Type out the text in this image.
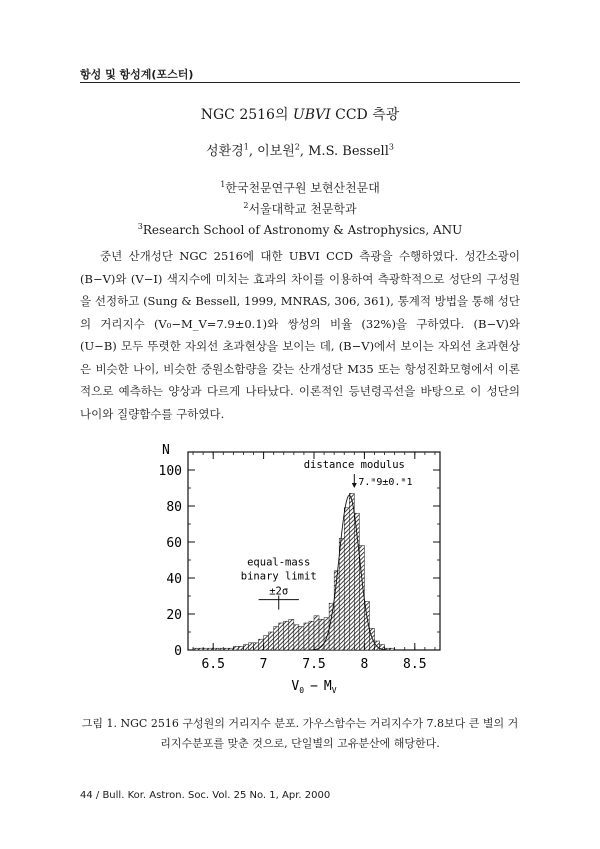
항성 및 항성계(포스터)
NGC 2516의 UBVI CCD 측광
성환경$^1$, 이보원$^2$, M.S. Bessell$^3$
$^1$한국천문연구원 보현산천문대
$^2$서울대학교 천문학과
$^3$Research School of Astronomy & Astrophysics, ANU

중년 산개성단 NGC 2516에 대한 UBVI CCD 측광을 수행하였다. 성간소광이 (B−V)와 (V−I) 색지수에 미치는 효과의 차이를 이용하여 측광학적으로 성단의 구성원을 선정하고 (Sung & Bessell, 1999, MNRAS, 306, 361), 통계적 방법을 통해 성단의 거리지수 (V₀−M_V=7.9±0.1)와 쌍성의 비율 (32%)을 구하였다. (B−V)와 (U−B) 모두 뚜렷한 자외선 초과현상을 보이는 데, (B−V)에서 보이는 자외선 초과현상은 비슷한 나이, 비슷한 중원소함량을 갖는 산개성단 M35 또는 항성진화모형에서 이론적으로 예측하는 양상과 다르게 나타났다. 이론적인 등년령곡선을 바탕으로 이 성단의 나이와 질량함수를 구하였다.

6.5	7	7.5	8	8.5
0
20
40
60
80
100
N
$V_0 - M_V$
distance modulus
7.ᵐ9±0.ᵐ1
equal-mass
binary limit
±2σ
그림 1. NGC 2516 구성원의 거리지수 분포. 가우스함수는 거리지수가 7.8보다 큰 별의 거리지수분포를 맞춘 것으로, 단일별의 고유분산에 해당한다.
44 / Bull. Kor. Astron. Soc. Vol. 25 No. 1, Apr. 2000
